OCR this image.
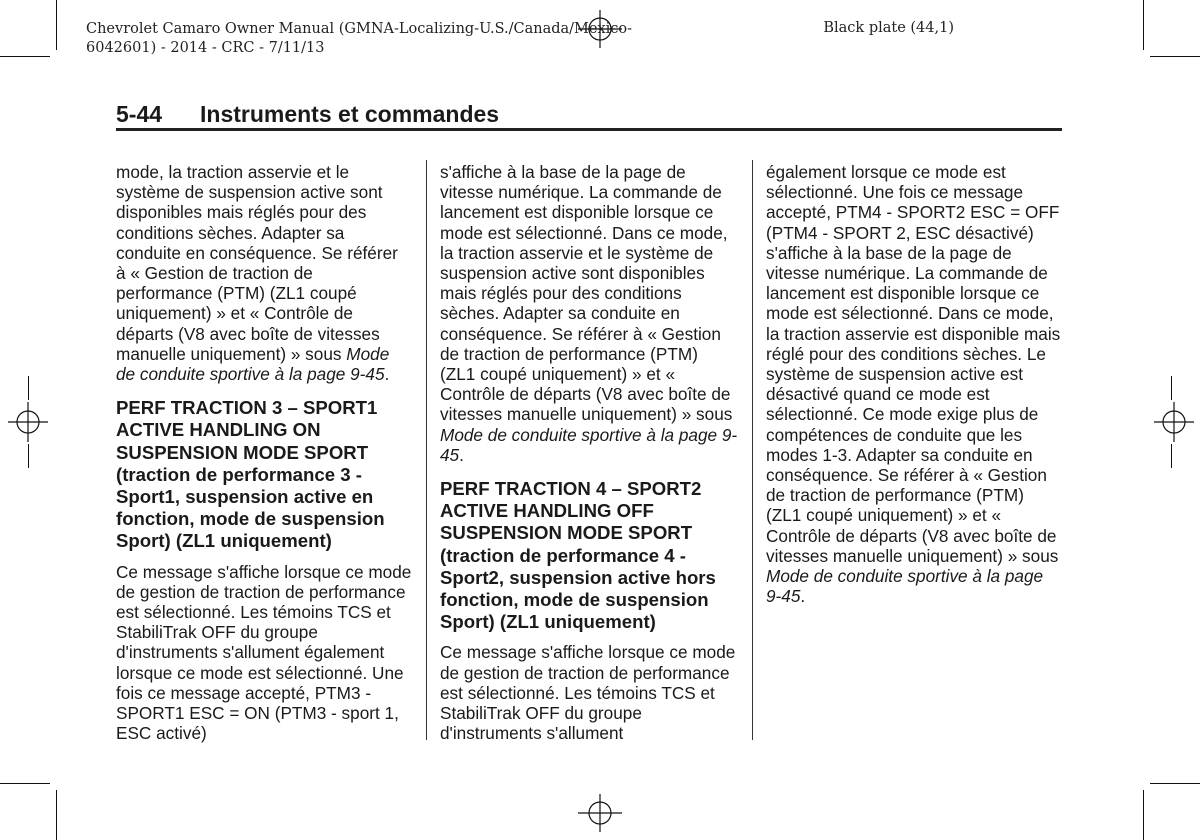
Chevrolet Camaro Owner Manual (GMNA-Localizing-U.S./Canada/Mexico-
6042601) - 2014 - CRC - 7/11/13
Black plate (44,1)
5-44 Instruments et commandes

mode, la traction asservie et le système de suspension active sont disponibles mais réglés pour des conditions sèches. Adapter sa conduite en conséquence. Se référer à « Gestion de traction de performance (PTM) (ZL1 coupé uniquement) » et « Contrôle de départs (V8 avec boîte de vitesses manuelle uniquement) » sous Mode de conduite sportive à la page 9-45.

PERF TRACTION 3 – SPORT1 ACTIVE HANDLING ON SUSPENSION MODE SPORT (traction de performance 3 - Sport1, suspension active en fonction, mode de suspension Sport) (ZL1 uniquement)

Ce message s'affiche lorsque ce mode de gestion de traction de performance est sélectionné. Les témoins TCS et StabiliTrak OFF du groupe d'instruments s'allument également lorsque ce mode est sélectionné. Une fois ce message accepté, PTM3 - SPORT1 ESC = ON (PTM3 - sport 1, ESC activé)

s'affiche à la base de la page de vitesse numérique. La commande de lancement est disponible lorsque ce mode est sélectionné. Dans ce mode, la traction asservie et le système de suspension active sont disponibles mais réglés pour des conditions sèches. Adapter sa conduite en conséquence. Se référer à « Gestion de traction de performance (PTM) (ZL1 coupé uniquement) » et « Contrôle de départs (V8 avec boîte de vitesses manuelle uniquement) » sous Mode de conduite sportive à la page 9-45.

PERF TRACTION 4 – SPORT2 ACTIVE HANDLING OFF SUSPENSION MODE SPORT (traction de performance 4 - Sport2, suspension active hors fonction, mode de suspension Sport) (ZL1 uniquement)

Ce message s'affiche lorsque ce mode de gestion de traction de performance est sélectionné. Les témoins TCS et StabiliTrak OFF du groupe d'instruments s'allument

également lorsque ce mode est sélectionné. Une fois ce message accepté, PTM4 - SPORT2 ESC = OFF (PTM4 - SPORT 2, ESC désactivé) s'affiche à la base de la page de vitesse numérique. La commande de lancement est disponible lorsque ce mode est sélectionné. Dans ce mode, la traction asservie est disponible mais réglé pour des conditions sèches. Le système de suspension active est désactivé quand ce mode est sélectionné. Ce mode exige plus de compétences de conduite que les modes 1-3. Adapter sa conduite en conséquence. Se référer à « Gestion de traction de performance (PTM) (ZL1 coupé uniquement) » et « Contrôle de départs (V8 avec boîte de vitesses manuelle uniquement) » sous Mode de conduite sportive à la page 9-45.
